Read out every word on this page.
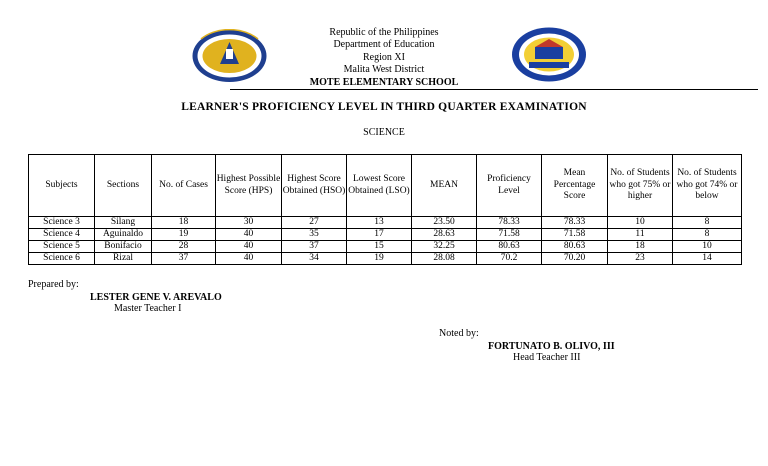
Republic of the Philippines
Department of Education
Region XI
Malita West District
MOTE ELEMENTARY SCHOOL
LEARNER'S PROFICIENCY LEVEL IN THIRD QUARTER EXAMINATION
SCIENCE
Subjects	Sections	No. of Cases	Highest Possible Score (HPS)	Highest Score Obtained (HSO)	Lowest Score Obtained (LSO)	MEAN	Proficiency Level	Mean Percentage Score	No. of Students who got 75% or higher	No. of Students who got 74% or below
Science 3	Silang	18	30	27	13	23.50	78.33	78.33	10	8
Science 4	Aguinaldo	19	40	35	17	28.63	71.58	71.58	11	8
Science 5	Bonifacio	28	40	37	15	32.25	80.63	80.63	18	10
Science 6	Rizal	37	40	34	19	28.08	70.2	70.20	23	14
Prepared by:
LESTER GENE V. AREVALO
Master Teacher I
Noted by:
FORTUNATO B. OLIVO, III
Head Teacher III
